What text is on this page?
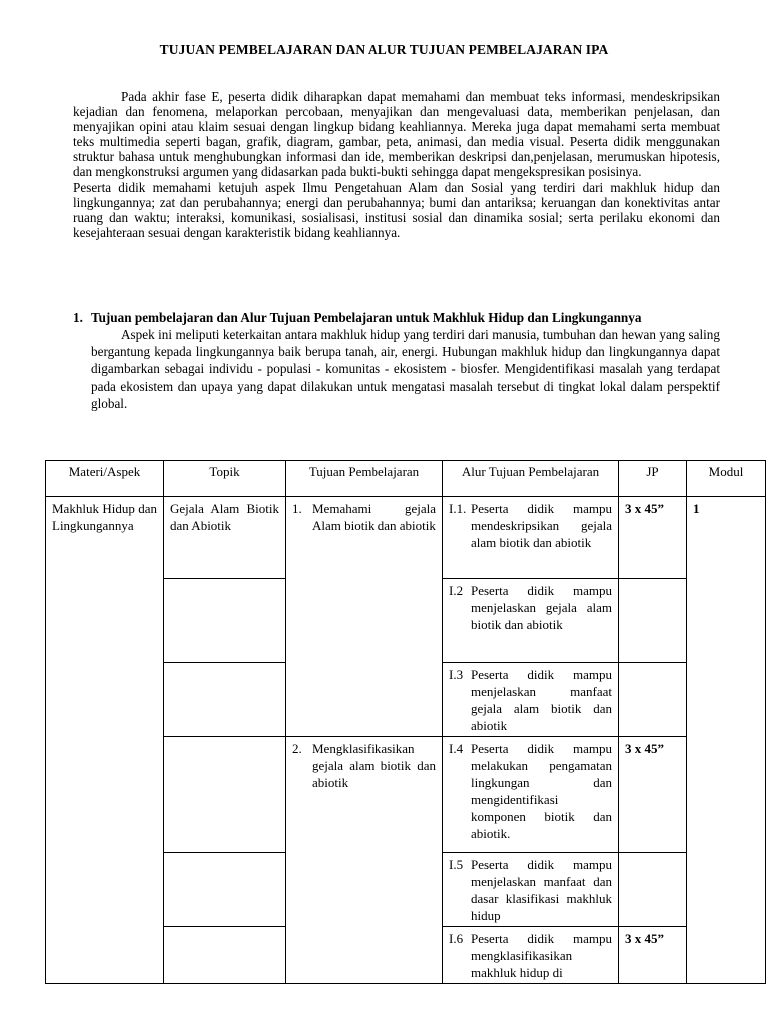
TUJUAN PEMBELAJARAN DAN ALUR TUJUAN PEMBELAJARAN IPA

Pada akhir fase E, peserta didik diharapkan dapat memahami dan membuat teks informasi, mendeskripsikan kejadian dan fenomena, melaporkan percobaan, menyajikan dan mengevaluasi data, memberikan penjelasan, dan menyajikan opini atau klaim sesuai dengan lingkup bidang keahliannya. Mereka juga dapat memahami serta membuat teks multimedia seperti bagan, grafik, diagram, gambar, peta, animasi, dan media visual. Peserta didik menggunakan struktur bahasa untuk menghubungkan informasi dan ide, memberikan deskripsi dan,penjelasan, merumuskan hipotesis, dan mengkonstruksi argumen yang didasarkan pada bukti-bukti sehingga dapat mengekspresikan posisinya.

Peserta didik memahami ketujuh aspek Ilmu Pengetahuan Alam dan Sosial yang terdiri dari makhluk hidup dan lingkungannya; zat dan perubahannya; energi dan perubahannya; bumi dan antariksa; keruangan dan konektivitas antar ruang dan waktu; interaksi, komunikasi, sosialisasi, institusi sosial dan dinamika sosial; serta perilaku ekonomi dan kesejahteraan sesuai dengan karakteristik bidang keahliannya.

1. Tujuan pembelajaran dan Alur Tujuan Pembelajaran untuk Makhluk Hidup dan Lingkungannya

Aspek ini meliputi keterkaitan antara makhluk hidup yang terdiri dari manusia, tumbuhan dan hewan yang saling bergantung kepada lingkungannya baik berupa tanah, air, energi. Hubungan makhluk hidup dan lingkungannya dapat digambarkan sebagai individu - populasi - komunitas - ekosistem - biosfer. Mengidentifikasi masalah yang terdapat pada ekosistem dan upaya yang dapat dilakukan untuk mengatasi masalah tersebut di tingkat lokal dalam perspektif global.

Materi/Aspek	Topik	Tujuan Pembelajaran	Alur Tujuan Pembelajaran	JP	Modul
Makhluk Hidup dan Lingkungannya	Gejala Alam Biotik dan Abiotik	1. Memahami gejala Alam biotik dan abiotik	I.1. Peserta didik mampu mendeskripsikan gejala alam biotik dan abiotik	3 x 45”	1

			I.2 Peserta didik mampu menjelaskan gejala alam biotik dan abiotik		

			I.3 Peserta didik mampu menjelaskan manfaat gejala alam biotik dan abiotik		

		2. Mengklasifikasikan gejala alam biotik dan abiotik	I.4 Peserta didik mampu melakukan pengamatan lingkungan dan mengidentifikasi komponen biotik dan abiotik.	3 x 45”	

			I.5 Peserta didik mampu menjelaskan manfaat dan dasar klasifikasi makhluk hidup		

			I.6 Peserta didik mampu mengklasifikasikan makhluk hidup di	3 x 45”	
